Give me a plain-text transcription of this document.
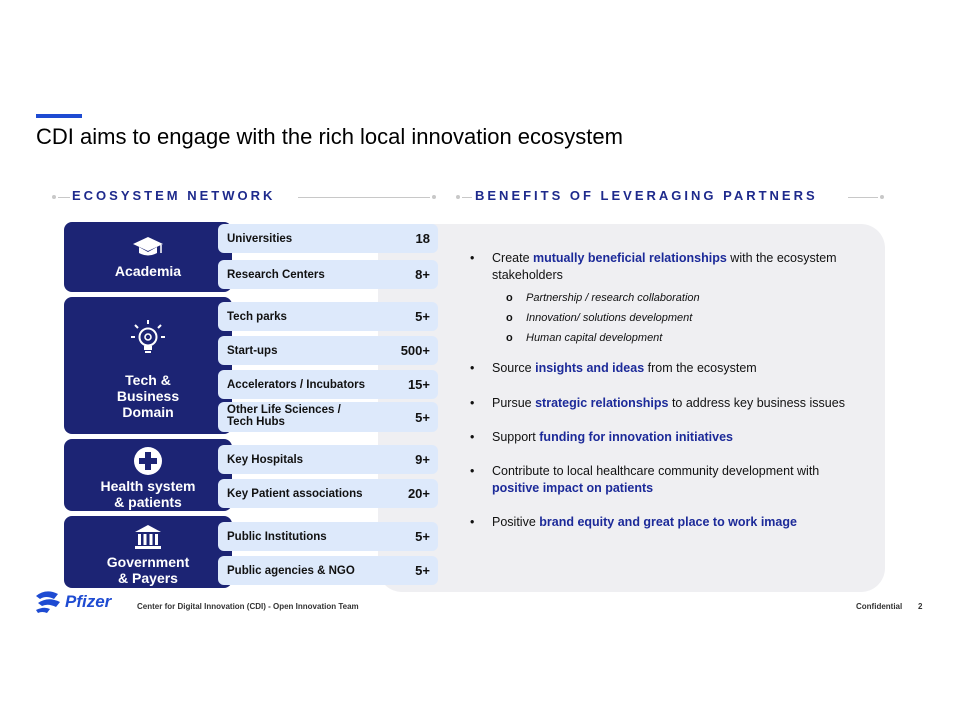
CDI aims to engage with the rich local innovation ecosystem
ECOSYSTEM NETWORK	BENEFITS OF LEVERAGING PARTNERS
Academia
Tech &
Business
Domain
Health system
& patients
Government
& Payers
Universities	18
Research Centers	8+
Tech parks	5+
Start-ups	500+
Accelerators / Incubators	15+
Other Life Sciences /
Tech Hubs	5+
Key Hospitals	9+
Key Patient associations	20+
Public Institutions	5+
Public agencies & NGO	5+

• Create mutually beneficial relationships with the ecosystem stakeholders

o Partnership / research collaboration

o Innovation/ solutions development

o Human capital development

• Source insights and ideas from the ecosystem

• Pursue strategic relationships to address key business issues

• Support funding for innovation initiatives

• Contribute to local healthcare community development with positive impact on patients

• Positive brand equity and great place to work image

Pfizer	Center for Digital Innovation (CDI) - Open Innovation Team	Confidential 2
